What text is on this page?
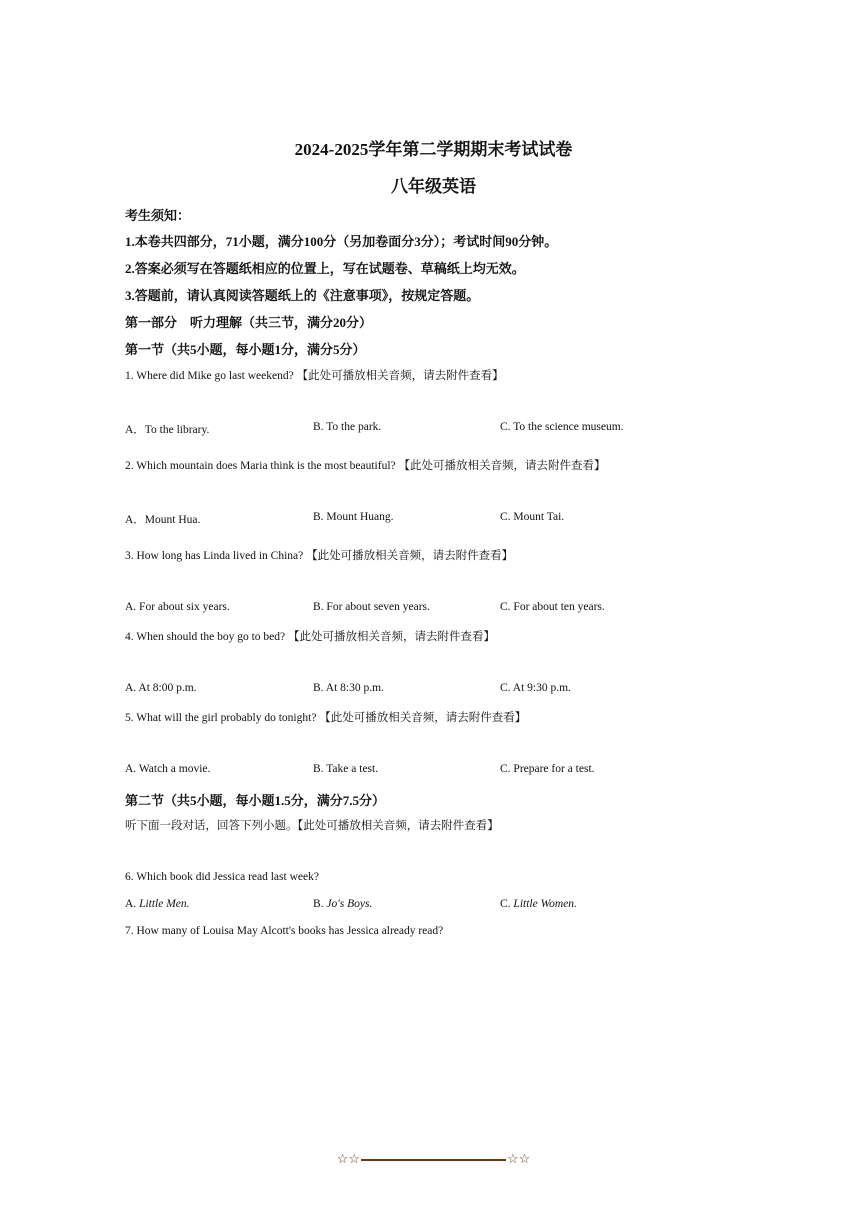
2024-2025学年第二学期期末考试试卷
八年级英语
考生须知：
1.本卷共四部分，71小题，满分100分（另加卷面分3分）；考试时间90分钟。
2.答案必须写在答题纸相应的位置上，写在试题卷、草稿纸上均无效。
3.答题前，请认真阅读答题纸上的《注意事项》，按规定答题。
第一部分　听力理解（共三节，满分20分）
第一节（共5小题，每小题1分，满分5分）
1. Where did Mike go last weekend? 【此处可播放相关音频，请去附件查看】
A．To the library.	B. To the park.	C. To the science museum.
2. Which mountain does Maria think is the most beautiful? 【此处可播放相关音频，请去附件查看】
A．Mount Hua.	B. Mount Huang.	C. Mount Tai.
3. How long has Linda lived in China? 【此处可播放相关音频，请去附件查看】
A. For about six years.	B. For about seven years.	C. For about ten years.
4. When should the boy go to bed? 【此处可播放相关音频，请去附件查看】
A. At 8:00 p.m.	B. At 8:30 p.m.	C. At 9:30 p.m.
5. What will the girl probably do tonight? 【此处可播放相关音频，请去附件查看】
A. Watch a movie.	B. Take a test.	C. Prepare for a test.
第二节（共5小题，每小题1.5分，满分7.5分）
听下面一段对话，回答下列小题。【此处可播放相关音频，请去附件查看】
6. Which book did Jessica read last week?
A. Little Men.	B. Jo's Boys.	C. Little Women.
7. How many of Louisa May Alcott's books has Jessica already read?
☆☆	☆☆
